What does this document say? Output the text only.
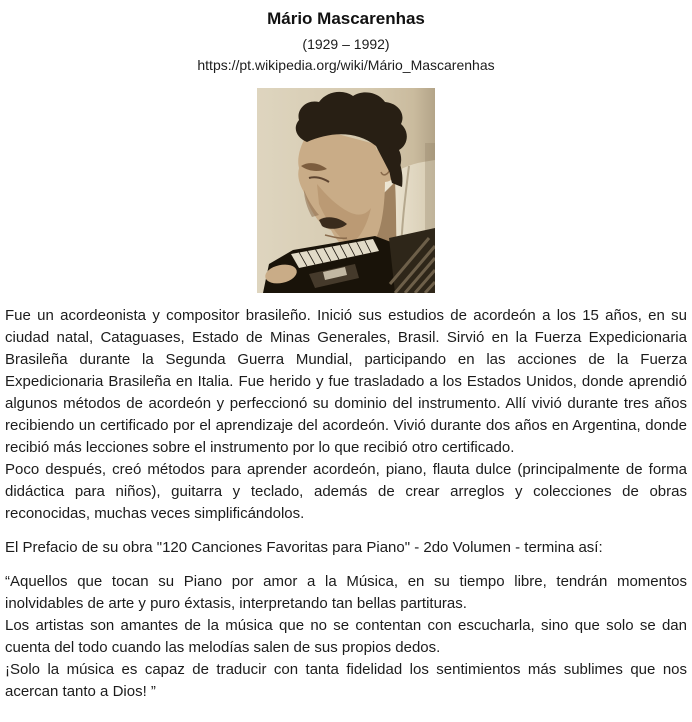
Mário Mascarenhas
(1929 – 1992)
https://pt.wikipedia.org/wiki/Mário_Mascarenhas

Fue un acordeonista y compositor brasileño. Inició sus estudios de acordeón a los 15 años, en su ciudad natal, Cataguases, Estado de Minas Generales, Brasil. Sirvió en la Fuerza Expedicionaria Brasileña durante la Segunda Guerra Mundial, participando en las acciones de la Fuerza Expedicionaria Brasileña en Italia. Fue herido y fue trasladado a los Estados Unidos, donde aprendió algunos métodos de acordeón y perfeccionó su dominio del instrumento. Allí vivió durante tres años recibiendo un certificado por el aprendizaje del acordeón. Vivió durante dos años en Argentina, donde recibió más lecciones sobre el instrumento por lo que recibió otro certificado.

Poco después, creó métodos para aprender acordeón, piano, flauta dulce (principalmente de forma didáctica para niños), guitarra y teclado, además de crear arreglos y colecciones de obras reconocidas, muchas veces simplificándolos.

El Prefacio de su obra "120 Canciones Favoritas para Piano" - 2do Volumen - termina así:

“Aquellos que tocan su Piano por amor a la Música, en su tiempo libre, tendrán momentos inolvidables de arte y puro éxtasis, interpretando tan bellas partituras.

Los artistas son amantes de la música que no se contentan con escucharla, sino que solo se dan cuenta del todo cuando las melodías salen de sus propios dedos.

¡Solo la música es capaz de traducir con tanta fidelidad los sentimientos más sublimes que nos acercan tanto a Dios! ”
